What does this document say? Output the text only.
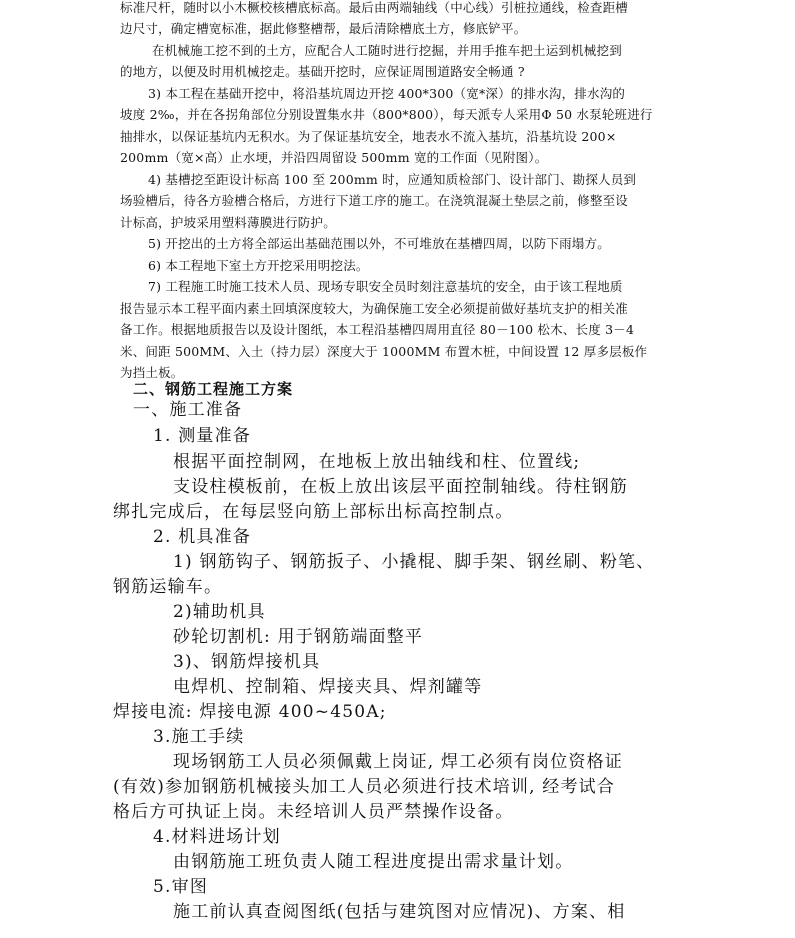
标准尺杆，随时以小木橛校核槽底标高。最后由两端轴线（中心线）引桩拉通线，检查距槽
边尺寸，确定槽宽标准，据此修整槽帮，最后清除槽底土方，修底铲平。
在机械施工挖不到的土方，应配合人工随时进行挖掘，并用手推车把土运到机械挖到
的地方，以便及时用机械挖走。基础开挖时，应保证周围道路安全畅通 ?
3) 本工程在基础开挖中，将沿基坑周边开挖 400*300（宽*深）的排水沟，排水沟的
坡度 2‰，并在各拐角部位分别设置集水井（800*800），每天派专人采用Φ 50 水泵轮班进行
抽排水，以保证基坑内无积水。为了保证基坑安全，地表水不流入基坑，沿基坑设 200×
200mm（宽×高）止水埂，并沿四周留设 500mm 宽的工作面（见附图）。
4) 基槽挖至距设计标高 100 至 200mm 时，应通知质检部门、设计部门、勘探人员到
场验槽后，待各方验槽合格后，方进行下道工序的施工。在浇筑混凝土垫层之前，修整至设
计标高，护坡采用塑料薄膜进行防护。
5) 开挖出的土方将全部运出基础范围以外，不可堆放在基槽四周，以防下雨塌方。
6) 本工程地下室土方开挖采用明挖法。
7) 工程施工时施工技术人员、现场专职安全员时刻注意基坑的安全，由于该工程地质
报告显示本工程平面内素土回填深度较大，为确保施工安全必须提前做好基坑支护的相关准
备工作。根据地质报告以及设计图纸，本工程沿基槽四周用直径 80－100 松木、长度 3－4
米、间距 500MM、入土（持力层）深度大于 1000MM 布置木桩，中间设置 12 厚多层板作
为挡土板。
二、钢筋工程施工方案
一、施工准备
1. 测量准备
根据平面控制网，在地板上放出轴线和柱、位置线;
支设柱模板前，在板上放出该层平面控制轴线。待柱钢筋
绑扎完成后，在每层竖向筋上部标出标高控制点。
2. 机具准备
1) 钢筋钩子、钢筋扳子、小撬棍、脚手架、钢丝刷、粉笔、
钢筋运输车。
2)辅助机具
砂轮切割机: 用于钢筋端面整平
3)、钢筋焊接机具
电焊机、控制箱、焊接夹具、焊剂罐等
焊接电流: 焊接电源 400~450A;
3.施工手续
现场钢筋工人员必须佩戴上岗证, 焊工必须有岗位资格证
(有效)参加钢筋机械接头加工人员必须进行技术培训, 经考试合
格后方可执证上岗。未经培训人员严禁操作设备。
4.材料进场计划
由钢筋施工班负责人随工程进度提出需求量计划。
5.审图
施工前认真查阅图纸(包括与建筑图对应情况)、方案、相
